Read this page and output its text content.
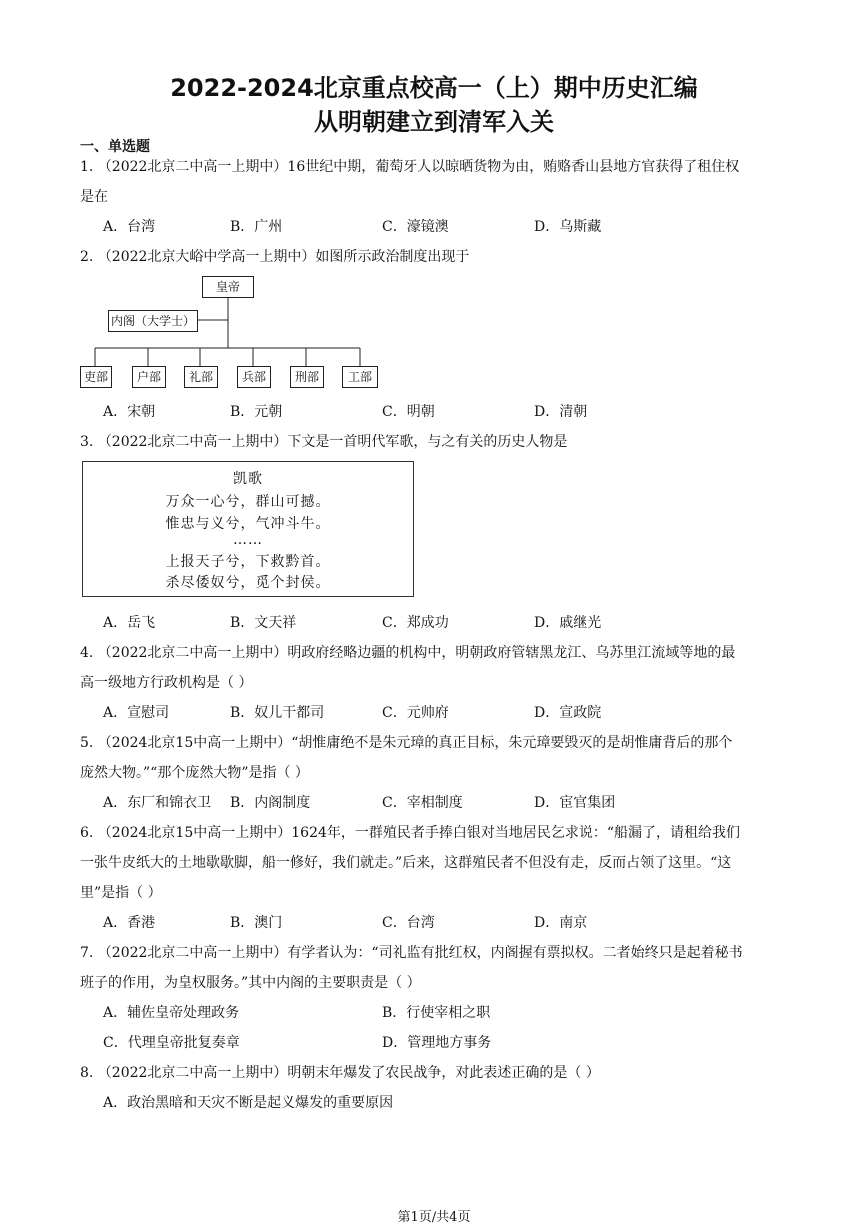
2022-2024北京重点校高一（上）期中历史汇编
从明朝建立到清军入关
一、单选题
1. （2022北京二中高一上期中）16世纪中期，葡萄牙人以晾晒货物为由，贿赂香山县地方官获得了租住权
是在
A．台湾	B．广州	C．濠镜澳	D．乌斯藏
2. （2022北京大峪中学高一上期中）如图所示政治制度出现于
皇帝
内阁（大学士）
吏部	户部	礼部	兵部	刑部	工部
A．宋朝	B．元朝	C．明朝	D．清朝
3. （2022北京二中高一上期中）下文是一首明代军歌，与之有关的历史人物是
凯歌
万众一心兮，群山可撼。
惟忠与义兮，气冲斗牛。
……
上报天子兮，下救黔首。
杀尽倭奴兮，觅个封侯。
A．岳飞	B．文天祥	C．郑成功	D．戚继光
4. （2022北京二中高一上期中）明政府经略边疆的机构中，明朝政府管辖黑龙江、乌苏里江流域等地的最
高一级地方行政机构是（ ）
A．宣慰司	B．奴儿干都司	C．元帅府	D．宣政院
5. （2024北京15中高一上期中）“胡惟庸绝不是朱元璋的真正目标，朱元璋要毁灭的是胡惟庸背后的那个
庞然大物。”“那个庞然大物”是指（ ）
A．东厂和锦衣卫 B．内阁制度	C．宰相制度	D．宦官集团
6. （2024北京15中高一上期中）1624年，一群殖民者手捧白银对当地居民乞求说：“船漏了，请租给我们
一张牛皮纸大的土地歇歇脚，船一修好，我们就走。”后来，这群殖民者不但没有走，反而占领了这里。“这
里”是指（ ）
A．香港	B．澳门	C．台湾	D．南京
7. （2022北京二中高一上期中）有学者认为：“司礼监有批红权，内阁握有票拟权。二者始终只是起着秘书
班子的作用，为皇权服务。”其中内阁的主要职责是（ ）
A．辅佐皇帝处理政务	B．行使宰相之职
C．代理皇帝批复奏章	D．管理地方事务
8. （2022北京二中高一上期中）明朝末年爆发了农民战争，对此表述正确的是（ ）
A．政治黑暗和天灾不断是起义爆发的重要原因
第1页/共4页
